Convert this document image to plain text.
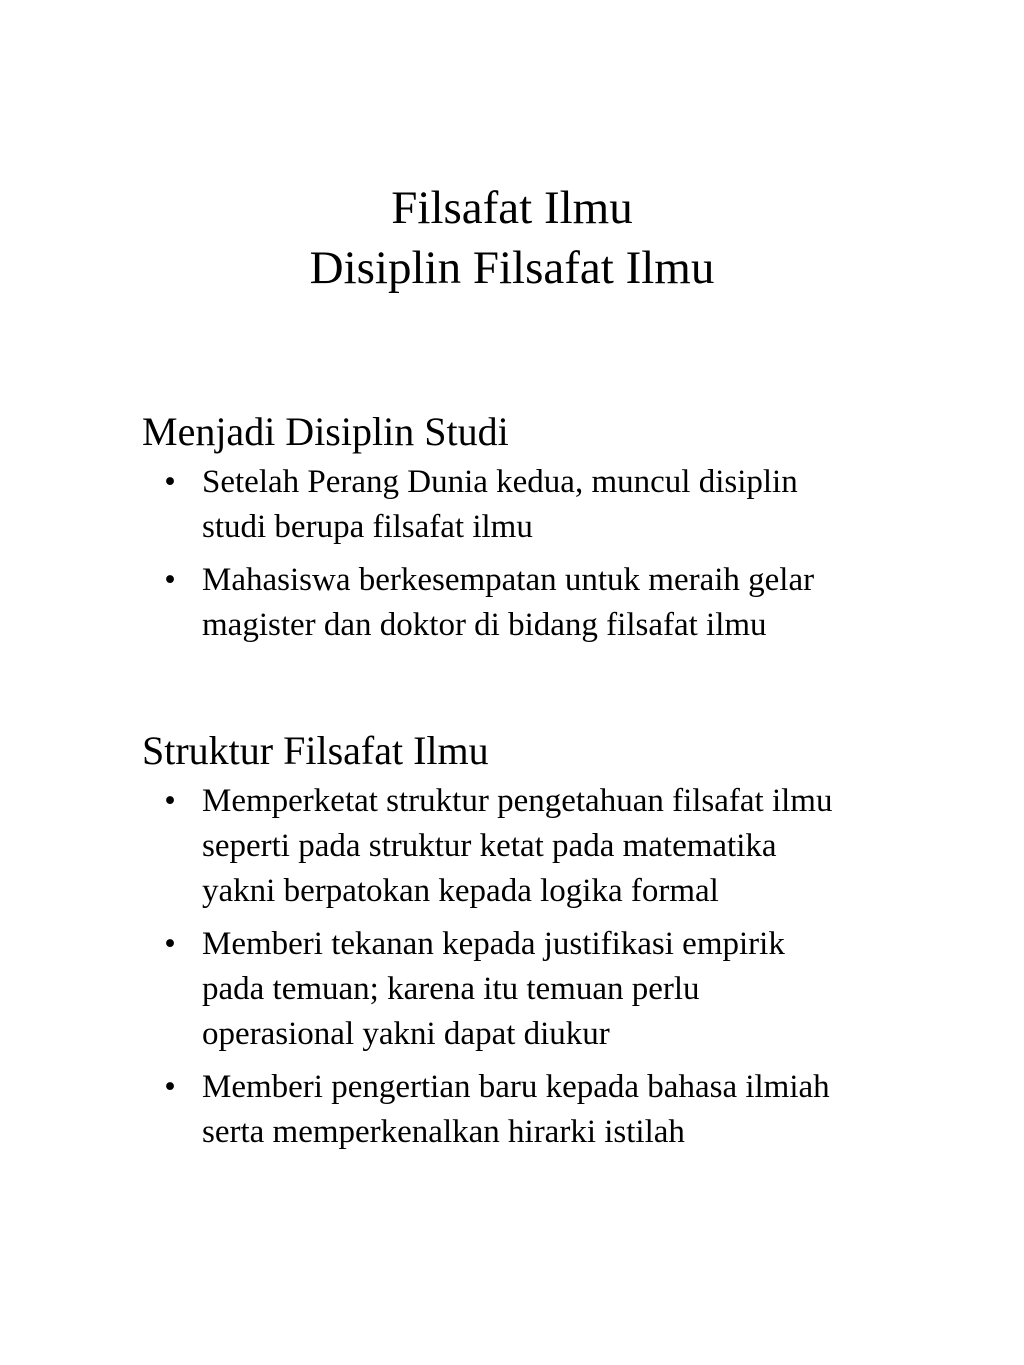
Filsafat Ilmu
Disiplin Filsafat Ilmu
Menjadi Disiplin Studi
• Setelah Perang Dunia kedua, muncul disiplin
studi berupa filsafat ilmu
• Mahasiswa berkesempatan untuk meraih gelar
magister dan doktor di bidang filsafat ilmu
Struktur Filsafat Ilmu
• Memperketat struktur pengetahuan filsafat ilmu
seperti pada struktur ketat pada matematika
yakni berpatokan kepada logika formal
• Memberi tekanan kepada justifikasi empirik
pada temuan; karena itu temuan perlu
operasional yakni dapat diukur
• Memberi pengertian baru kepada bahasa ilmiah
serta memperkenalkan hirarki istilah
